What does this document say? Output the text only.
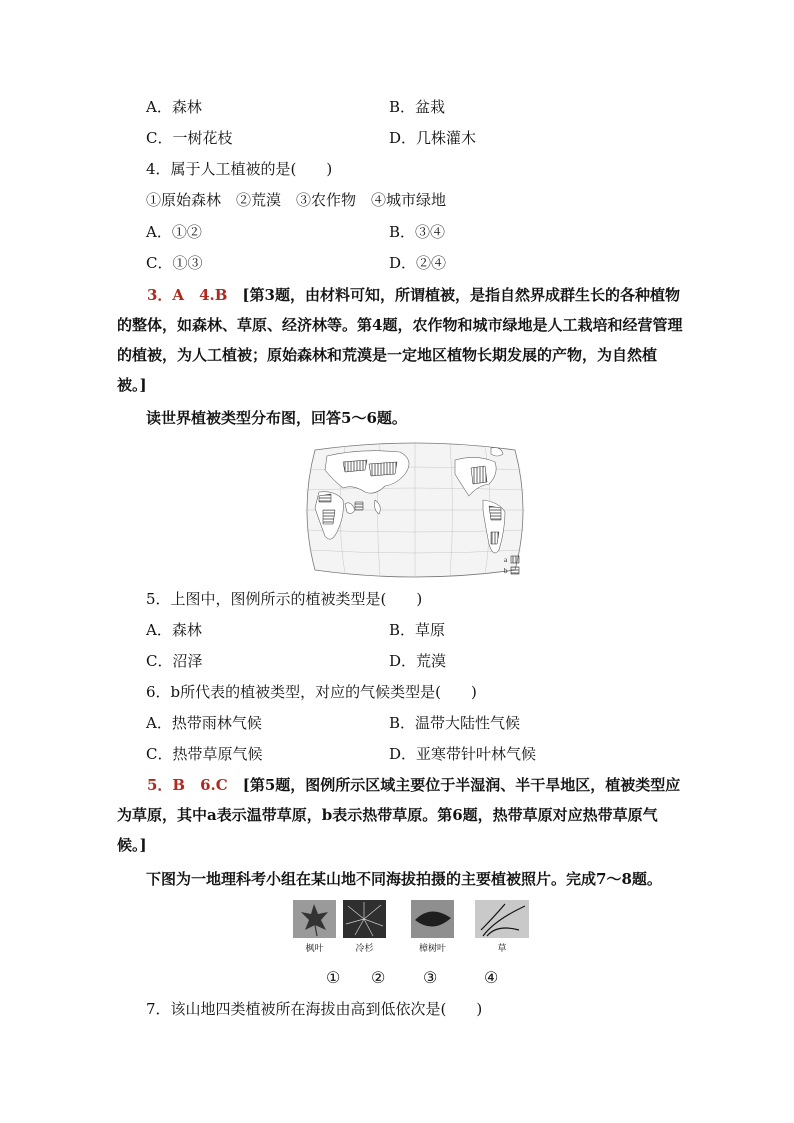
A．森林	B．盆栽
C．一树花枝	D．几株灌木
4．属于人工植被的是(　　)
①原始森林　②荒漠　③农作物　④城市绿地
A．①②	B．③④
C．①③	D．②④
3．A　4.B　[第3题，由材料可知，所谓植被，是指自然界成群生长的各种植物的整体，如森林、草原、经济林等。第4题，农作物和城市绿地是人工栽培和经营管理的植被，为人工植被；原始森林和荒漠是一定地区植物长期发展的产物，为自然植被。]
读世界植被类型分布图，回答5～6题。
a
b
5．上图中，图例所示的植被类型是(　　)
A．森林	B．草原
C．沼泽	D．荒漠
6．b所代表的植被类型，对应的气候类型是(　　)
A．热带雨林气候	B．温带大陆性气候
C．热带草原气候	D．亚寒带针叶林气候
5．B　6.C　[第5题，图例所示区域主要位于半湿润、半干旱地区，植被类型应为草原，其中a表示温带草原，b表示热带草原。第6题，热带草原对应热带草原气候。]
下图为一地理科考小组在某山地不同海拔拍摄的主要植被照片。完成7～8题。
枫叶	冷杉	樟树叶	草
① ② ③	④
7．该山地四类植被所在海拔由高到低依次是(　　)
